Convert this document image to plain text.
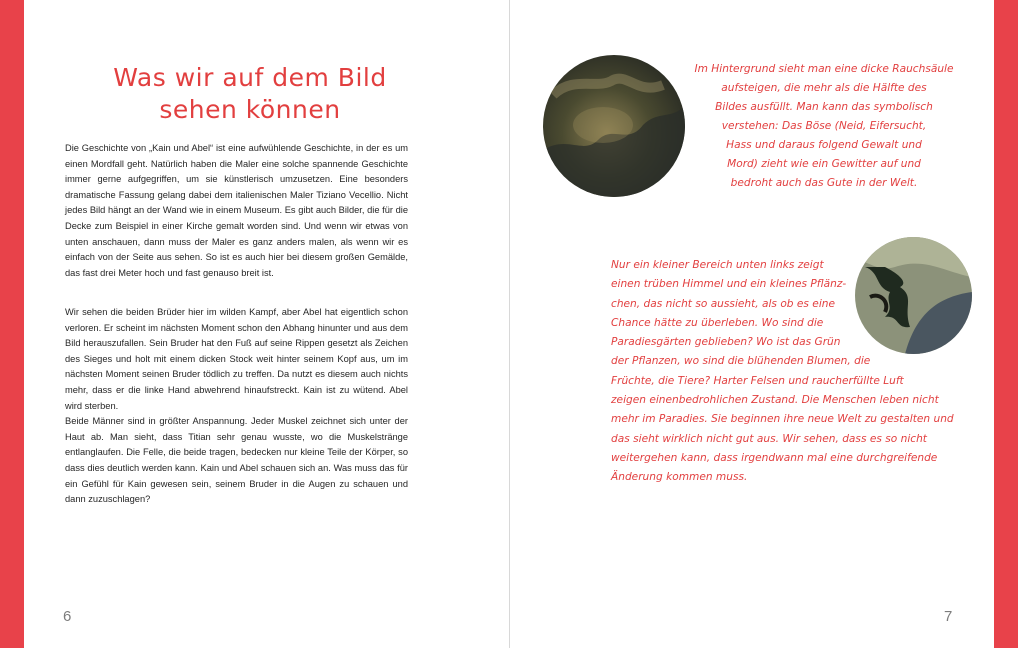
Was wir auf dem Bild
sehen können

Die Geschichte von „Kain und Abel“ ist eine aufwühlende Geschichte, in der es um einen Mordfall geht. Natürlich haben die Maler eine solche spannende Geschichte immer gerne aufgegriffen, um sie künstlerisch umzusetzen. Eine besonders dramatische Fassung gelang dabei dem italienischen Maler Tiziano Vecellio. Nicht jedes Bild hängt an der Wand wie in einem Museum. Es gibt auch Bilder, die für die Decke zum Beispiel in einer Kirche gemalt worden sind. Und wenn wir etwas von unten anschauen, dann muss der Maler es ganz anders malen, als wenn wir es einfach von der Seite aus sehen. So ist es auch hier bei diesem großen Gemälde, das fast drei Meter hoch und fast genauso breit ist.

Wir sehen die beiden Brüder hier im wilden Kampf, aber Abel hat eigentlich schon verloren. Er scheint im nächsten Moment schon den Abhang hinunter und aus dem Bild herauszufallen. Sein Bruder hat den Fuß auf seine Rippen gesetzt als Zeichen des Sieges und holt mit einem dicken Stock weit hinter seinem Kopf aus, um im nächsten Moment seinen Bruder tödlich zu treffen. Da nutzt es diesem auch nichts mehr, dass er die linke Hand abwehrend hinaufstreckt. Kain ist zu wütend. Abel wird sterben.

Beide Männer sind in größter Anspannung. Jeder Muskel zeichnet sich unter der Haut ab. Man sieht, dass Titian sehr genau wusste, wo die Muskelstränge entlanglaufen. Die Felle, die beide tragen, bedecken nur kleine Teile der Körper, so dass dies deutlich werden kann. Kain und Abel schauen sich an. Was muss das für ein Gefühl für Kain gewesen sein, seinem Bruder in die Augen zu schauen und dann zuzuschlagen?

6	7
Im Hintergrund sieht man eine dicke Rauchsäule
aufsteigen, die mehr als die Hälfte des
Bildes ausfüllt. Man kann das symbolisch
verstehen: Das Böse (Neid, Eifersucht,
Hass und daraus folgend Gewalt und
Mord) zieht wie ein Gewitter auf und
bedroht auch das Gute in der Welt.
Nur ein kleiner Bereich unten links zeigt
einen trüben Himmel und ein kleines Pflänz-
chen, das nicht so aussieht, als ob es eine
Chance hätte zu überleben. Wo sind die
Paradiesgärten geblieben? Wo ist das Grün
der Pflanzen, wo sind die blühenden Blumen, die
Früchte, die Tiere? Harter Felsen und raucherfüllte Luft
zeigen einenbedrohlichen Zustand. Die Menschen leben nicht
mehr im Paradies. Sie beginnen ihre neue Welt zu gestalten und
das sieht wirklich nicht gut aus. Wir sehen, dass es so nicht
weitergehen kann, dass irgendwann mal eine durchgreifende
Änderung kommen muss.
